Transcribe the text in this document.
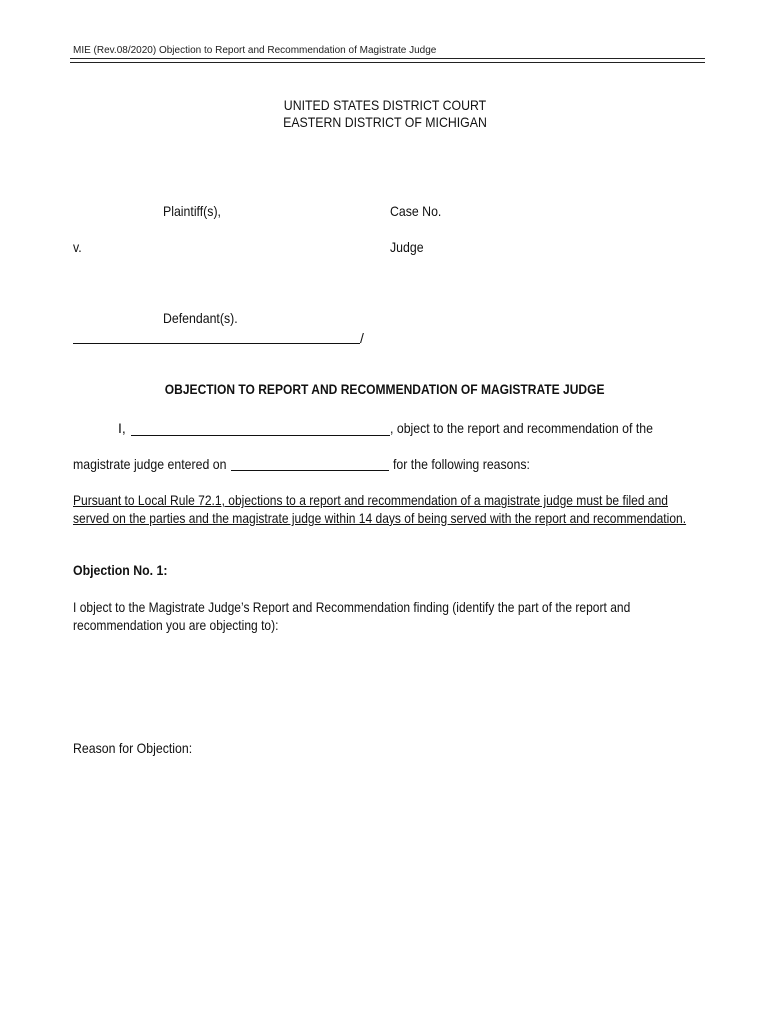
MIE (Rev.08/2020) Objection to Report and Recommendation of Magistrate Judge
UNITED STATES DISTRICT COURT
EASTERN DISTRICT OF MICHIGAN
Plaintiff(s),	Case No.
v.	Judge
Defendant(s).
/
OBJECTION TO REPORT AND RECOMMENDATION OF MAGISTRATE JUDGE
I,	, object to the report and recommendation of the
magistrate judge entered on	for the following reasons:
Pursuant to Local Rule 72.1, objections to a report and recommendation of a magistrate judge must be filed and
served on the parties and the magistrate judge within 14 days of being served with the report and recommendation.
Objection No. 1:
I object to the Magistrate Judge’s Report and Recommendation finding (identify the part of the report and
recommendation you are objecting to):
Reason for Objection:
